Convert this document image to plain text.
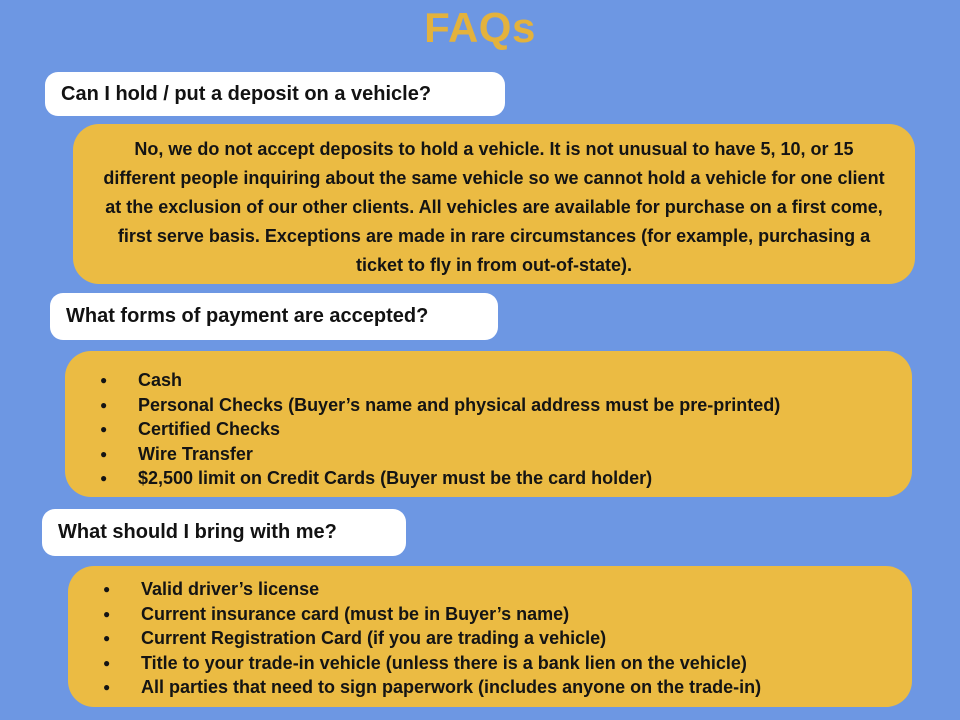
FAQs
Can I hold / put a deposit on a vehicle?

No, we do not accept deposits to hold a vehicle. It is not unusual to have 5, 10, or 15 different people inquiring about the same vehicle so we cannot hold a vehicle for one client at the exclusion of our other clients. All vehicles are available for purchase on a first come, first serve basis. Exceptions are made in rare circumstances (for example, purchasing a ticket to fly in from out-of-state).

What forms of payment are accepted?
● Cash
● Personal Checks (Buyer’s name and physical address must be pre-printed)
● Certified Checks
● Wire Transfer
● $2,500 limit on Credit Cards (Buyer must be the card holder)
What should I bring with me?
● Valid driver’s license
● Current insurance card (must be in Buyer’s name)
● Current Registration Card (if you are trading a vehicle)
● Title to your trade-in vehicle (unless there is a bank lien on the vehicle)
● All parties that need to sign paperwork (includes anyone on the trade-in)
